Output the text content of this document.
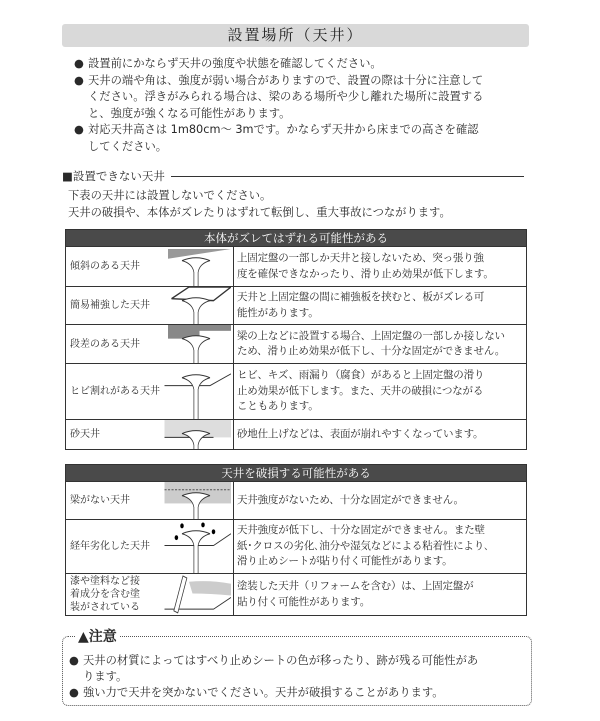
設置場所（天井）
● 設置前にかならず天井の強度や状態を確認してください。
● 天井の端や角は、強度が弱い場合がありますので、設置の際は十分に注意して
ください。浮きがみられる場合は、梁のある場所や少し離れた場所に設置する
と、強度が強くなる可能性があります。
● 対応天井高さは 1m80cm～ 3mです。かならず天井から床までの高さを確認
してください。
■設置できない天井
下表の天井には設置しないでください。
天井の破損や、本体がズレたりはずれて転倒し、重大事故につながります。
本体がズレてはずれる可能性がある
傾斜のある天井
上固定盤の一部しか天井と接しないため、突っ張り強
度を確保できなかったり、滑り止め効果が低下します。
簡易補強した天井
天井と上固定盤の間に補強板を挟むと、板がズレる可
能性があります。
段差のある天井
梁の上などに設置する場合、上固定盤の一部しか接しない
ため、滑り止め効果が低下し、十分な固定ができません。
ヒビ割れがある天井
ヒビ、キズ、雨漏り（腐食）があると上固定盤の滑り
止め効果が低下します。また、天井の破損につながる
こともあります。
砂天井	砂地仕上げなどは、表面が崩れやすくなっています。
天井を破損する可能性がある
梁がない天井	天井強度がないため、十分な固定ができません。
経年劣化した天井
天井強度が低下し、十分な固定ができません。また壁
紙･クロスの劣化､油分や湿気などによる粘着性により､
滑り止めシートが貼り付く可能性があります。
漆や塗料など接
着成分を含む塗
装がされている
塗装した天井（リフォームを含む）は、上固定盤が
貼り付く可能性があります。
▲注意
● 天井の材質によってはすべり止めシートの色が移ったり、跡が残る可能性があ
ります。
● 強い力で天井を突かないでください。天井が破損することがあります。
